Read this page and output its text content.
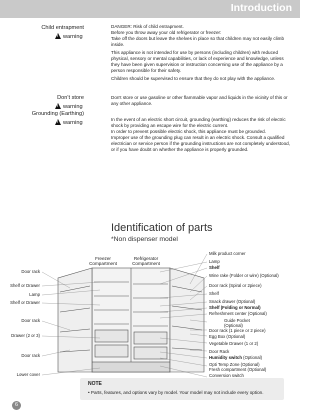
Introduction
Child entrapment
!warning
Don't store
!warning
Grounding (Earthing)
!warning

DANGER: Risk of child entrapment.

Before you throw away your old refrigerator or freezer:

Take off the doors but leave the shelves in place so that children may not easily climb inside.

This appliance is not intended for use by persons (including children) with reduced physical, sensory or mental capabilities, or lack of experience and knowledge, unless they have been given supervision or instruction concerning use of the appliance by a person responsible for their safety.

Children should be supervised to ensure that they do not play with the appliance.

Don't store or use gasoline or other flammable vapor and liquids in the vicinity of this or any other appliance.

In the event of an electric short circuit, grounding (earthing) reduces the risk of electric shock by providing an escape wire for the electric current.

In order to prevent possible electric shock, this appliance must be grounded.

Improper use of the grounding plug can result in an electric shock. Consult a qualified electrician or service person if the grounding instructions are not completely understood, or if you have doubt on whether the appliance is properly grounded.

Identification of parts
*Non dispenser model
Freezer Compartment
Refrigerator Compartment
Door rack
Shelf or Drawer
Lamp
Shelf or Drawer
Door rack
Drawer (2 or 3)
Door rack
Lower cover
Milk product corner
Lamp
Shelf
Wine rake (Folder or wire) (Optional)
Door rack (Spiral or 2piece)
Shelf
Snack drawer (Optional)
Shelf (Folding or Normal)
Refreshment center (Optional)
Guide Pocket (Optional)
Door rack (1 piece or 2 piece)
Egg Box (Optional)
Vegetable Drawer (1 or 2)
Door Rack
Humidity switch (Optional)
Opti Temp Zone (Optional) Fresh compartment (Optional)
Conversion switch
NOTE
• Parts, features, and options vary by model. Your model may not include every option.
6
